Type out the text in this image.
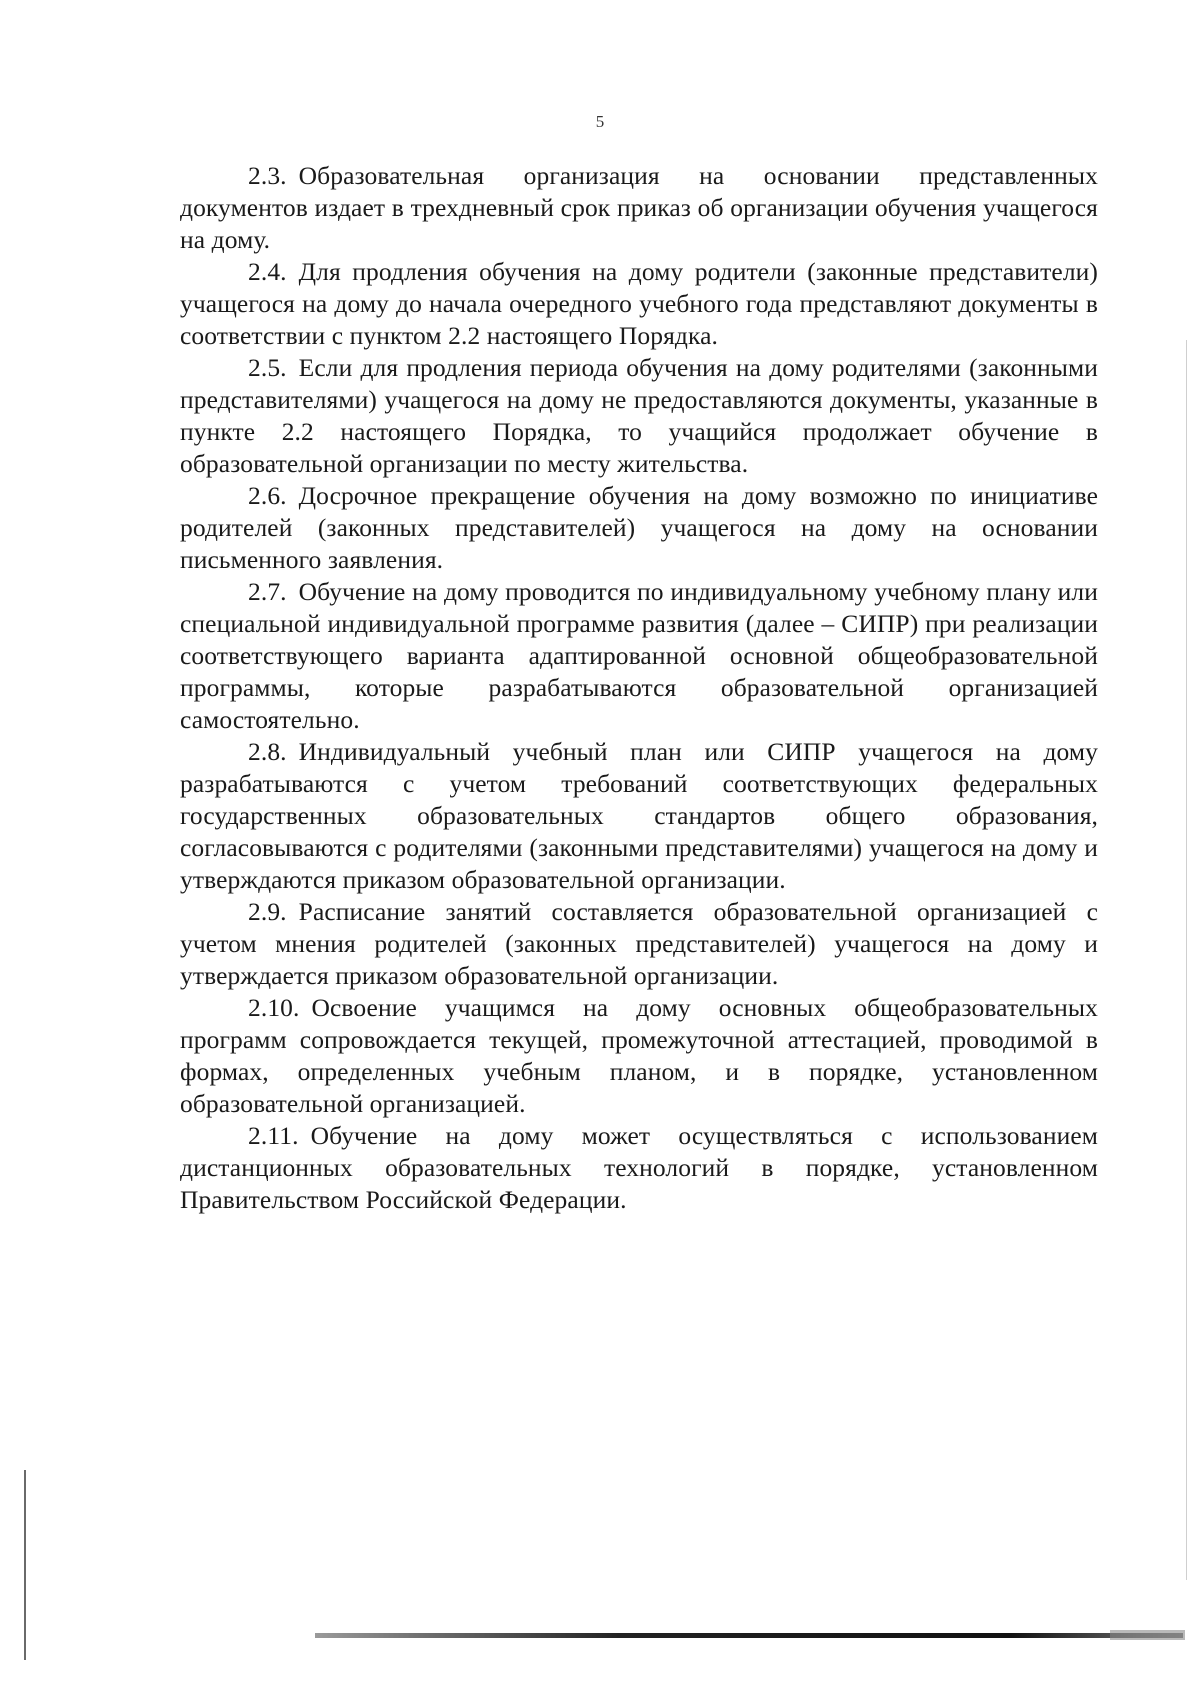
5

2.3. Образовательная организация на основании представленных документов издает в трехдневный срок приказ об организации обучения учащегося на дому.

2.4. Для продления обучения на дому родители (законные представители) учащегося на дому до начала очередного учебного года представляют документы в соответствии с пунктом 2.2 настоящего Порядка.

2.5. Если для продления периода обучения на дому родителями (законными представителями) учащегося на дому не предоставляются документы, указанные в пункте 2.2 настоящего Порядка, то учащийся продолжает обучение в образовательной организации по месту жительства.

2.6. Досрочное прекращение обучения на дому возможно по инициативе родителей (законных представителей) учащегося на дому на основании письменного заявления.

2.7. Обучение на дому проводится по индивидуальному учебному плану или специальной индивидуальной программе развития (далее – СИПР) при реализации соответствующего варианта адаптированной основной общеобразовательной программы, которые разрабатываются образовательной организацией самостоятельно.

2.8. Индивидуальный учебный план или СИПР учащегося на дому разрабатываются с учетом требований соответствующих федеральных государственных образовательных стандартов общего образования, согласовываются с родителями (законными представителями) учащегося на дому и утверждаются приказом образовательной организации.

2.9. Расписание занятий составляется образовательной организацией с учетом мнения родителей (законных представителей) учащегося на дому и утверждается приказом образовательной организации.

2.10. Освоение учащимся на дому основных общеобразовательных программ сопровождается текущей, промежуточной аттестацией, проводимой в формах, определенных учебным планом, и в порядке, установленном образовательной организацией.

2.11. Обучение на дому может осуществляться с использованием дистанционных образовательных технологий в порядке, установленном Правительством Российской Федерации.
